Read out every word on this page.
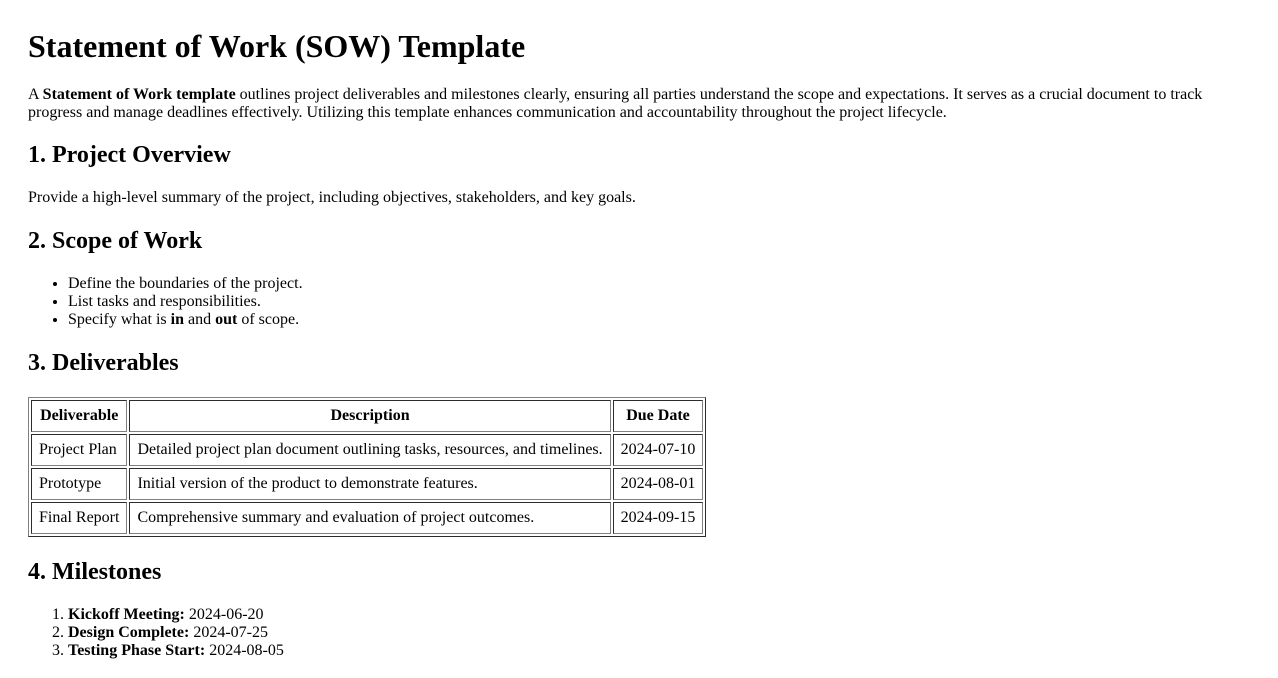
Statement of Work (SOW) Template

A Statement of Work template outlines project deliverables and milestones clearly, ensuring all parties understand the scope and expectations. It serves as a crucial document to track progress and manage deadlines effectively. Utilizing this template enhances communication and accountability throughout the project lifecycle.

1. Project Overview

Provide a high-level summary of the project, including objectives, stakeholders, and key goals.

2. Scope of Work
• Define the boundaries of the project.
• List tasks and responsibilities.
• Specify what is in and out of scope.
3. Deliverables
Deliverable	Description	Due Date
Project Plan	Detailed project plan document outlining tasks, resources, and timelines.	2024-07-10
Prototype	Initial version of the product to demonstrate features.	2024-08-01
Final Report	Comprehensive summary and evaluation of project outcomes.	2024-09-15
4. Milestones
1. Kickoff Meeting: 2024-06-20
2. Design Complete: 2024-07-25
3. Testing Phase Start: 2024-08-05
